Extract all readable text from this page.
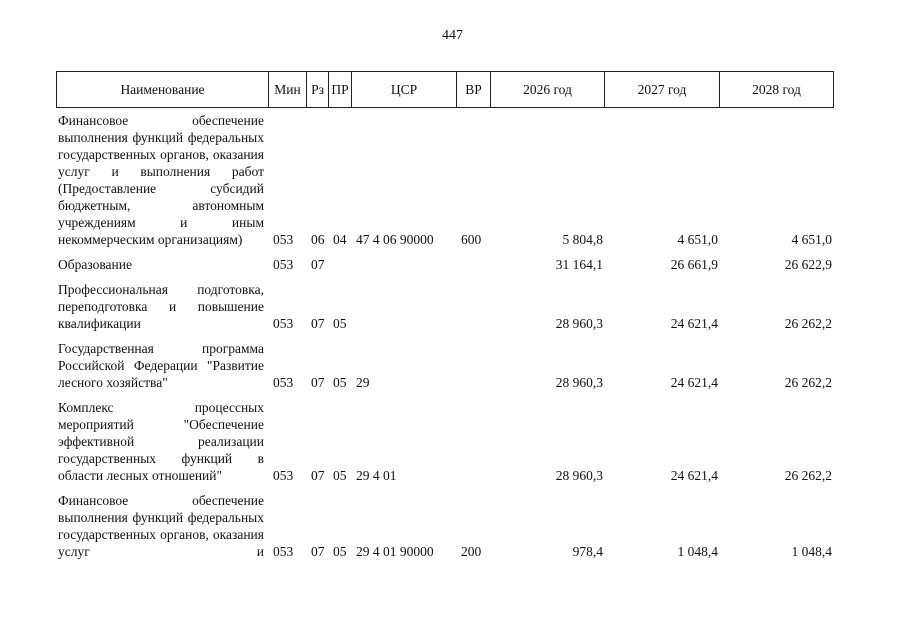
447
Наименование	Мин	Рз	ПР	ЦСР	ВР	2026 год	2027 год	2028 год
Финансовое обеспечение выполнения функций федеральных государственных органов, оказания услуг и выполнения работ (Предоставление субсидий бюджетным, автономным учреждениям и иным некоммерческим организациям)	053	06	04	47 4 06 90000	600	5 804,8	4 651,0	4 651,0

Образование	053	07				31 164,1	26 661,9	26 622,9

Профессиональная подготовка, переподготовка и повышение квалификации	053	07	05			28 960,3	24 621,4	26 262,2

Государственная программа Российской Федерации "Развитие лесного хозяйства"	053	07	05	29		28 960,3	24 621,4	26 262,2

Комплекс процессных мероприятий "Обеспечение эффективной реализации государственных функций в области лесных отношений"	053	07	05	29 4 01		28 960,3	24 621,4	26 262,2

Финансовое обеспечение выполнения функций федеральных государственных органов, оказания услуг и	053	07	05	29 4 01 90000	200	978,4	1 048,4	1 048,4
